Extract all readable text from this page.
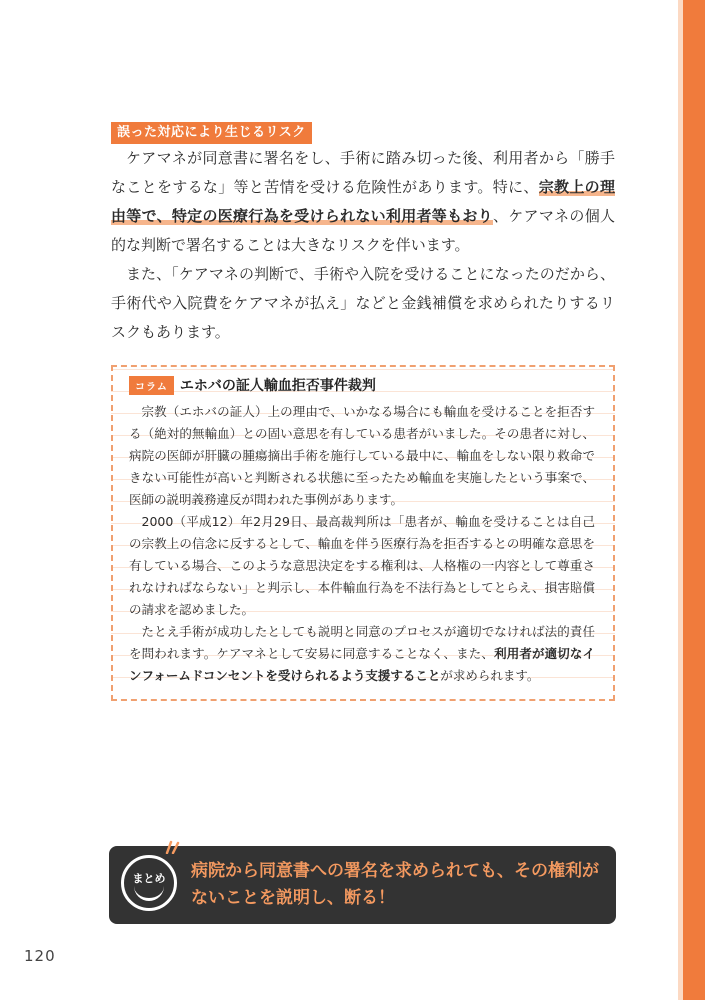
誤った対応により生じるリスク

ケアマネが同意書に署名をし、手術に踏み切った後、利用者から「勝手なことをするな」等と苦情を受ける危険性があります。特に、宗教上の理由等で、特定の医療行為を受けられない利用者等もおり、ケアマネの個人的な判断で署名することは大きなリスクを伴います。

また、「ケアマネの判断で、手術や入院を受けることになったのだから、手術代や入院費をケアマネが払え」などと金銭補償を求められたりするリスクもあります。

コラム エホバの証人輸血拒否事件裁判

宗教（エホバの証人）上の理由で、いかなる場合にも輸血を受けることを拒否する（絶対的無輸血）との固い意思を有している患者がいました。その患者に対し、病院の医師が肝臓の腫瘍摘出手術を施行している最中に、輸血をしない限り救命できない可能性が高いと判断される状態に至ったため輸血を実施したという事案で、医師の説明義務違反が問われた事例があります。

2000（平成12）年2月29日、最高裁判所は「患者が、輸血を受けることは自己の宗教上の信念に反するとして、輸血を伴う医療行為を拒否するとの明確な意思を有している場合、このような意思決定をする権利は、人格権の一内容として尊重されなければならない」と判示し、本件輸血行為を不法行為としてとらえ、損害賠償の請求を認めました。

たとえ手術が成功したとしても説明と同意のプロセスが適切でなければ法的責任を問われます。ケアマネとして安易に同意することなく、また、利用者が適切なインフォームドコンセントを受けられるよう支援することが求められます。

まとめ	病院から同意書への署名を求められても、その権利がないことを説明し、断る！
120
